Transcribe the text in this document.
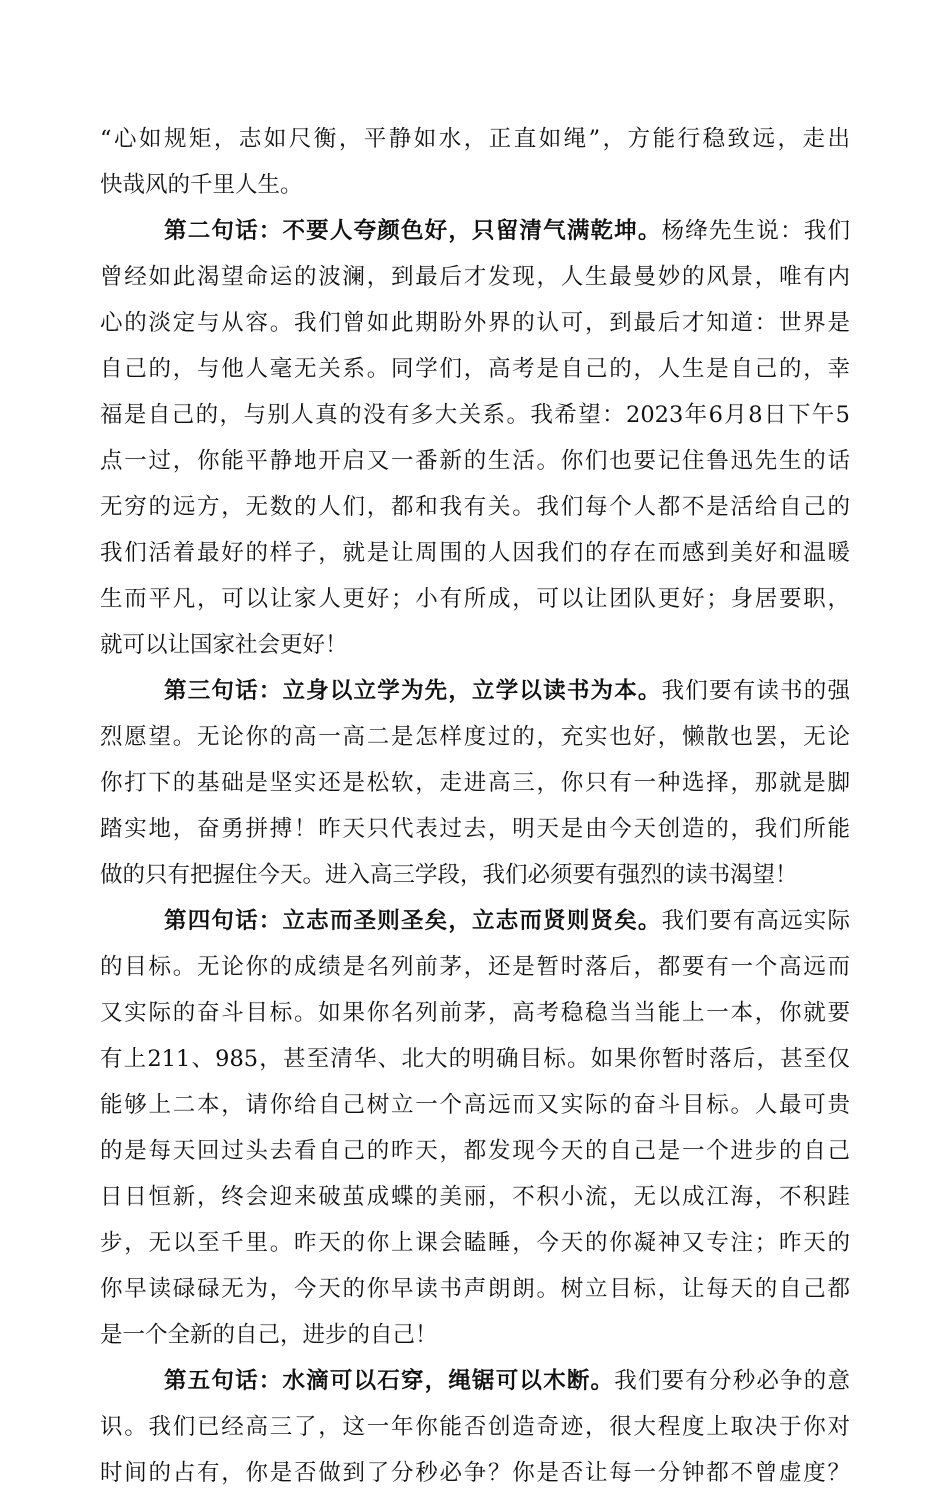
“心如规矩，志如尺衡，平静如水，正直如绳”，方能行稳致远，走出
快哉风的千里人生。
第二句话：不要人夸颜色好，只留清气满乾坤。杨绛先生说：我们
曾经如此渴望命运的波澜，到最后才发现，人生最曼妙的风景，唯有内
心的淡定与从容。我们曾如此期盼外界的认可，到最后才知道：世界是
自己的，与他人毫无关系。同学们，高考是自己的，人生是自己的，幸
福是自己的，与别人真的没有多大关系。我希望：2023年6月8日下午5
点一过，你能平静地开启又一番新的生活。你们也要记住鲁迅先生的话
无穷的远方，无数的人们，都和我有关。我们每个人都不是活给自己的
我们活着最好的样子，就是让周围的人因我们的存在而感到美好和温暖
生而平凡，可以让家人更好；小有所成，可以让团队更好；身居要职，
就可以让国家社会更好！
第三句话：立身以立学为先，立学以读书为本。我们要有读书的强
烈愿望。无论你的高一高二是怎样度过的，充实也好，懒散也罢，无论
你打下的基础是坚实还是松软，走进高三，你只有一种选择，那就是脚
踏实地，奋勇拼搏！昨天只代表过去，明天是由今天创造的，我们所能
做的只有把握住今天。进入高三学段，我们必须要有强烈的读书渴望！
第四句话：立志而圣则圣矣，立志而贤则贤矣。我们要有高远实际
的目标。无论你的成绩是名列前茅，还是暂时落后，都要有一个高远而
又实际的奋斗目标。如果你名列前茅，高考稳稳当当能上一本，你就要
有上211、985，甚至清华、北大的明确目标。如果你暂时落后，甚至仅
能够上二本，请你给自己树立一个高远而又实际的奋斗目标。人最可贵
的是每天回过头去看自己的昨天，都发现今天的自己是一个进步的自己
日日恒新，终会迎来破茧成蝶的美丽，不积小流，无以成江海，不积跬
步，无以至千里。昨天的你上课会瞌睡，今天的你凝神又专注；昨天的
你早读碌碌无为，今天的你早读书声朗朗。树立目标，让每天的自己都
是一个全新的自己，进步的自己！
第五句话：水滴可以石穿，绳锯可以木断。我们要有分秒必争的意
识。我们已经高三了，这一年你能否创造奇迹，很大程度上取决于你对
时间的占有，你是否做到了分秒必争？你是否让每一分钟都不曾虚度？
